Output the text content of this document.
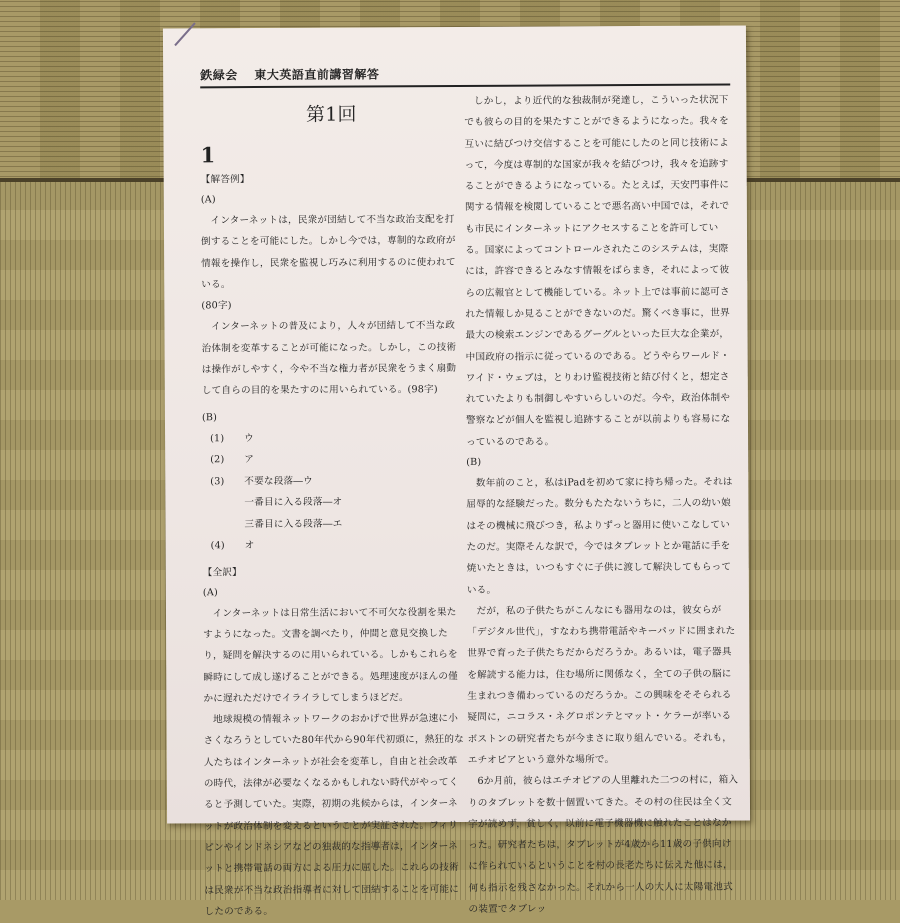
鉄緑会 東大英語直前講習解答
第1回
1
【解答例】
(A)

インターネットは，民衆が団結して不当な政治支配を打倒することを可能にした。しかし今では，専制的な政府が情報を操作し，民衆を監視し巧みに利用するのに使われている。

(80字)

インターネットの普及により，人々が団結して不当な政治体制を変革することが可能になった。しかし，この技術は操作がしやすく，今や不当な権力者が民衆をうまく扇動して自らの目的を果たすのに用いられている。(98字)

(B)
(1)	ウ
(2)	ア
(3)	不要な段落―ウ
一番目に入る段落―オ
三番目に入る段落―エ
(4)	オ
【全訳】
(A)

インターネットは日常生活において不可欠な役割を果たすようになった。文書を調べたり，仲間と意見交換したり，疑問を解決するのに用いられている。しかもこれらを瞬時にして成し遂げることができる。処理速度がほんの僅かに遅れただけでイライラしてしまうほどだ。

地球規模の情報ネットワークのおかげで世界が急速に小さくなろうとしていた80年代から90年代初頭に，熱狂的な人たちはインターネットが社会を変革し，自由と社会改革の時代，法律が必要なくなるかもしれない時代がやってくると予測していた。実際，初期の兆候からは，インターネットが政治体制を変えるということが実証された。フィリピンやインドネシアなどの独裁的な指導者は，インターネットと携帯電話の両方による圧力に屈した。これらの技術は民衆が不当な政治指導者に対して団結することを可能にしたのである。

しかし，より近代的な独裁制が発達し，こういった状況下でも彼らの目的を果たすことができるようになった。我々を互いに結びつけ交信することを可能にしたのと同じ技術によって，今度は専制的な国家が我々を結びつけ，我々を追跡することができるようになっている。たとえば，天安門事件に関する情報を検閲していることで悪名高い中国では，それでも市民にインターネットにアクセスすることを許可している。国家によってコントロールされたこのシステムは，実際には，許容できるとみなす情報をばらまき，それによって彼らの広報官として機能している。ネット上では事前に認可された情報しか見ることができないのだ。驚くべき事に，世界最大の検索エンジンであるグーグルといった巨大な企業が，中国政府の指示に従っているのである。どうやらワールド・ワイド・ウェブは，とりわけ監視技術と結び付くと，想定されていたよりも制御しやすいらしいのだ。今や，政治体制や警察などが個人を監視し追跡することが以前よりも容易になっているのである。

(B)

数年前のこと，私はiPadを初めて家に持ち帰った。それは屈辱的な経験だった。数分もたたないうちに，二人の幼い娘はその機械に飛びつき，私よりずっと器用に使いこなしていたのだ。実際そんな訳で，今ではタブレットとか電話に手を焼いたときは，いつもすぐに子供に渡して解決してもらっている。

だが，私の子供たちがこんなにも器用なのは，彼女らが「デジタル世代」，すなわち携帯電話やキーパッドに囲まれた世界で育った子供たちだからだろうか。あるいは，電子器具を解読する能力は，住む場所に関係なく，全ての子供の脳に生まれつき備わっているのだろうか。この興味をそそられる疑問に，ニコラス・ネグロポンテとマット・ケラーが率いるボストンの研究者たちが今まさに取り組んでいる。それも，エチオピアという意外な場所で。

6か月前，彼らはエチオピアの人里離れた二つの村に，箱入りのタブレットを数十個置いてきた。その村の住民は全く文字が読めず，貧しく，以前に電子機器機に触れたことはなかった。研究者たちは，タブレットが4歳から11歳の子供向けに作られているということを村の長老たちに伝えた他には，何も指示を残さなかった。それから一人の大人に太陽電池式の装置でタブレッ
